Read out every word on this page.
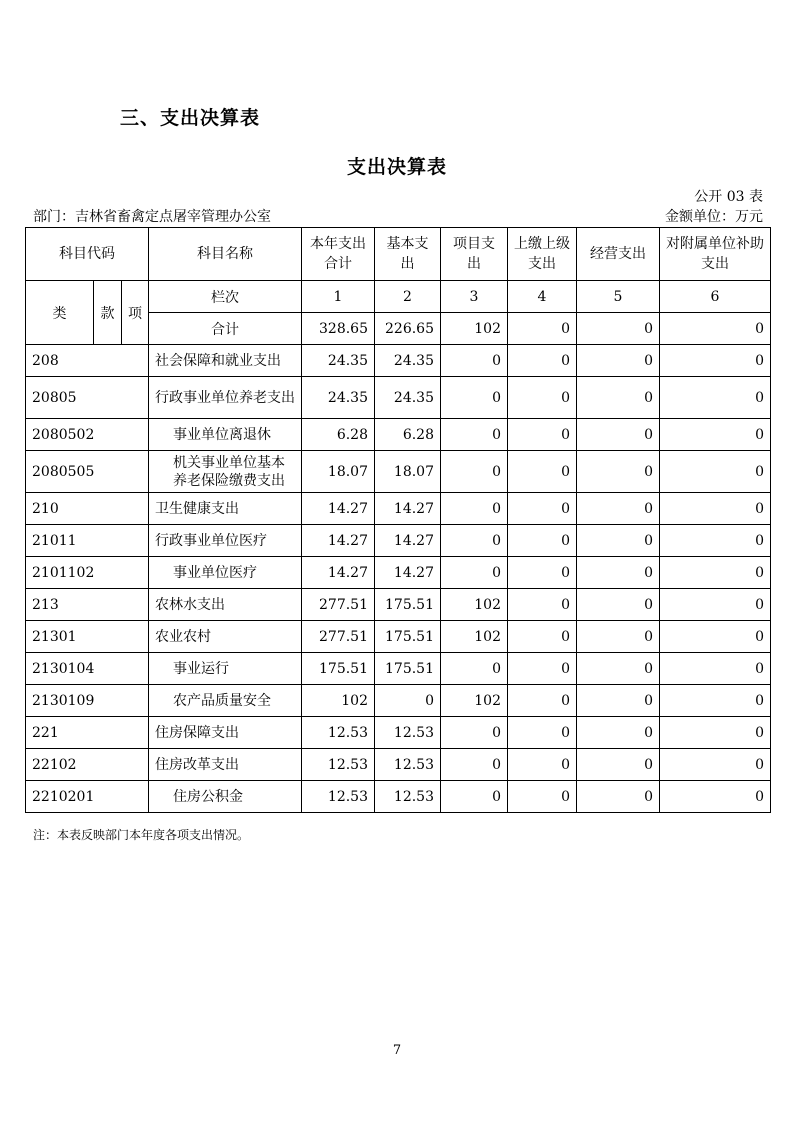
三、支出决算表
支出决算表
公开 03 表
部门：吉林省畜禽定点屠宰管理办公室	金额单位：万元
科目代码			科目名称	本年支出合计	基本支出	项目支出	上缴上级支出	经营支出	对附属单位补助支出
类	款	项	栏次	1	2	3	4	5	6
			合计	328.65	226.65	102	0	0	0
208			社会保障和就业支出	24.35	24.35	0	0	0	0
20805			行政事业单位养老支出	24.35	24.35	0	0	0	0
2080502			事业单位离退休	6.28	6.28	0	0	0	0
2080505			机关事业单位基本养老保险缴费支出	18.07	18.07	0	0	0	0
210			卫生健康支出	14.27	14.27	0	0	0	0
21011			行政事业单位医疗	14.27	14.27	0	0	0	0
2101102			事业单位医疗	14.27	14.27	0	0	0	0
213			农林水支出	277.51	175.51	102	0	0	0
21301			农业农村	277.51	175.51	102	0	0	0
2130104			事业运行	175.51	175.51	0	0	0	0
2130109			农产品质量安全	102	0	102	0	0	0
221			住房保障支出	12.53	12.53	0	0	0	0
22102			住房改革支出	12.53	12.53	0	0	0	0
2210201			住房公积金	12.53	12.53	0	0	0	0
注：本表反映部门本年度各项支出情况。
7
